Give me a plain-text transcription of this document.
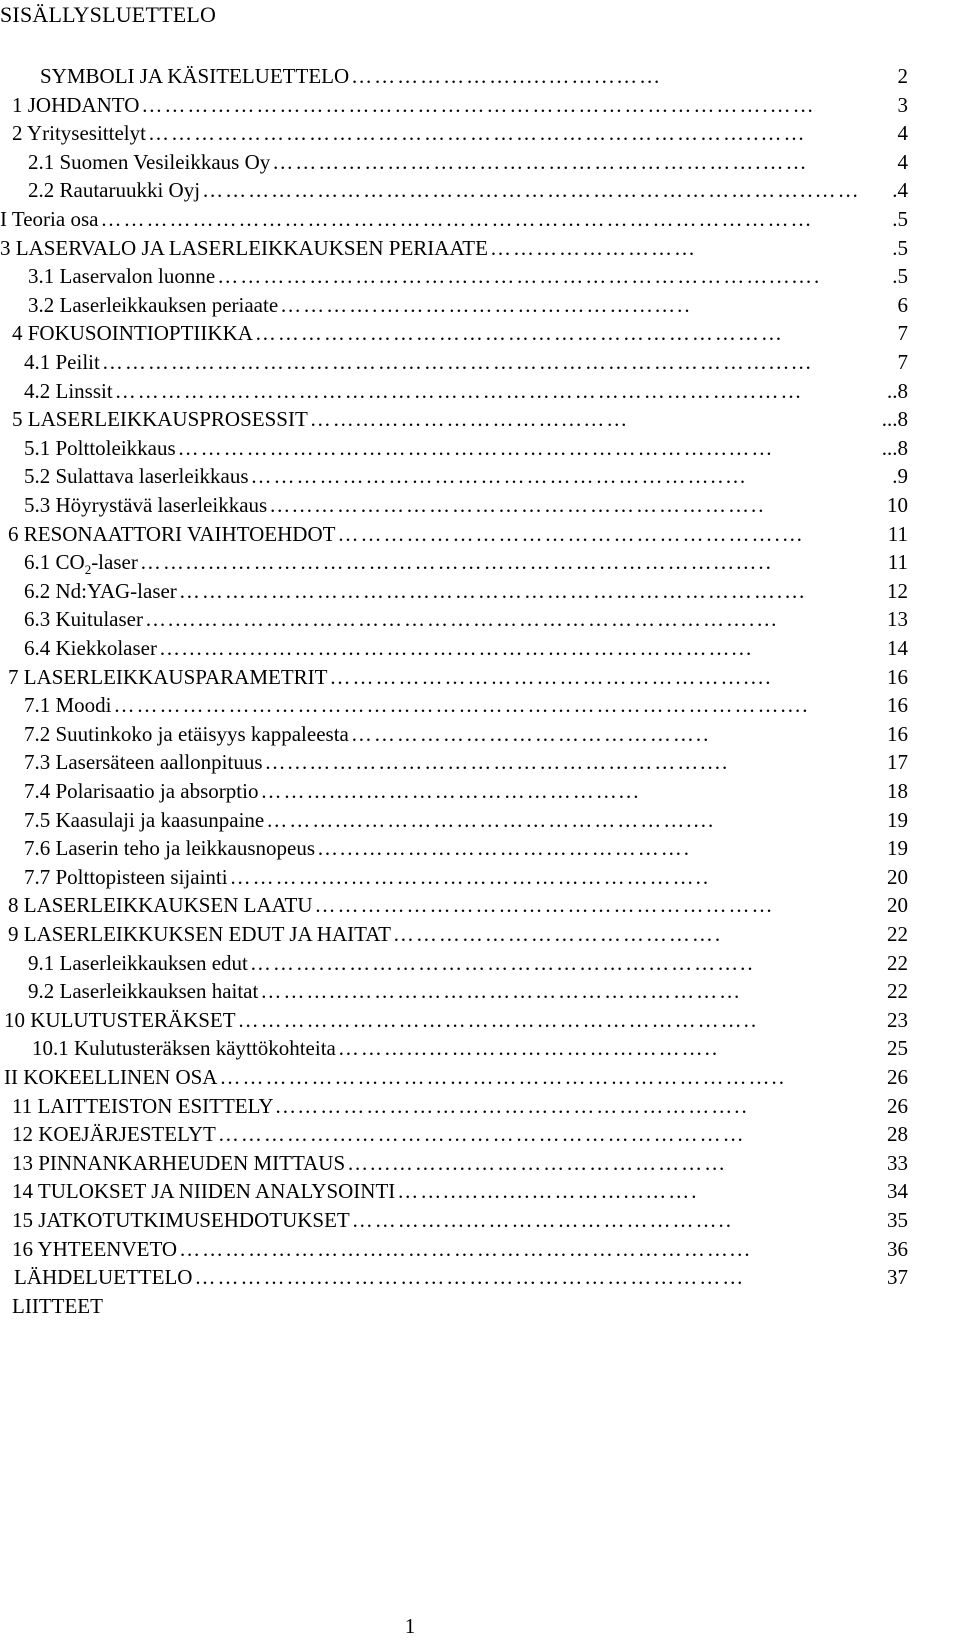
SISÄLLYSLUETTELO
SYMBOLI JA KÄSITELUETTELO ………………….....……...……	2
1 JOHDANTO ……………………………………………………………………….……	3
2 Yritysesittelyt ……………………………………………………………………..……	4
2.1 Suomen Vesileikkaus Oy ……………………………………………………….……	4
2.2 Rautaruukki Oyj ……………………………………………………………………..……	.4
I Teoria osa …………………………………………………………………………………	.5
3 LASERVALO JA LASERLEIKKAUKSEN PERIAATE ………………………	.5
3.1 Laservalon luonne ………………………………………………………………...….	.5
3.2 Laserleikkauksen periaate ………….……………………………...…..	6
4 FOKUSOINTIOPTIIKKA ……………………………………………………………	7
4.1 Peilit ……………………………………………………………………………...…	7
4.2 Linssit ………………………………………………………………………...……	..8
5 LASERLEIKKAUSPROSESSIT ……...……………………...……	...8
5.1 Polttoleikkaus ……………………………………………………………...……	...8
5.2 Sulattava laserleikkaus ……………………………………………………..…	.9
5.3 Höyrystävä laserleikkaus …...…………………………………………………..	10
6 RESONAATTORI VAIHTOEHDOT ………………………………………………….…	11
6.1 $CO_2$-laser ……...…………………………………………………………...…..	11
6.2 Nd:YAG-laser …………………………………………………………………….…	12
6.3 Kuitulaser …....……………………………………………………………….…	13
6.4 Kiekkolaser …...……...……………………………………………………...	14
7 LASERLEIKKAUSPARAMETRIT ………………………………………………....	16
7.1 Moodi ……………………………………………………………………………....	16
7.2 Suutinkoko ja etäisyys kappaleesta ………………………………………..	16
7.3 Lasersäteen aallonpituus …...……………………………………………....	17
7.4 Polarisaatio ja absorptio ……….....……………………………...	18
7.5 Kaasulaji ja kaasunpaine ………....……………………………………....	19
7.6 Laserin teho ja leikkausnopeus …...…………………………………….	19
7.7 Polttopisteen sijainti …………....………………………………………..	20
8 LASERLEIKKAUKSEN LAATU ……………………………………………………	20
9 LASERLEIKKUKSEN EDUT JA HAITAT …………………………………….	22
9.1 Laserleikkauksen edut ……….………………………………………………..	22
9.2 Laserleikkauksen haitat ………...……………………………………………	22
10 KULUTUSTERÄKSET …………………………………………………………..	23
10.1 Kulutusteräksen käyttökohteita ………...………………………………..	25
II KOKEELLINEN OSA ………………………………………………………………..	26
11 LAITTEISTON ESITTELY ...…………………………………………………..	26
12 KOEJÄRJESTELYT ……………...……………………………………………	28
13 PINNANKARHEUDEN MITTAUS …...…….....……………………………	33
14 TULOKSET JA NIIDEN ANALYSOINTI …….....…....…………...…….	34
15 JATKOTUTKIMUSEHDOTUKSET …………...……………………………..	35
16 YHTEENVETO ……………………...………………………………………...	36
LÄHDELUETTELO ……………...………………………………………………	37
LIITTEET
1
